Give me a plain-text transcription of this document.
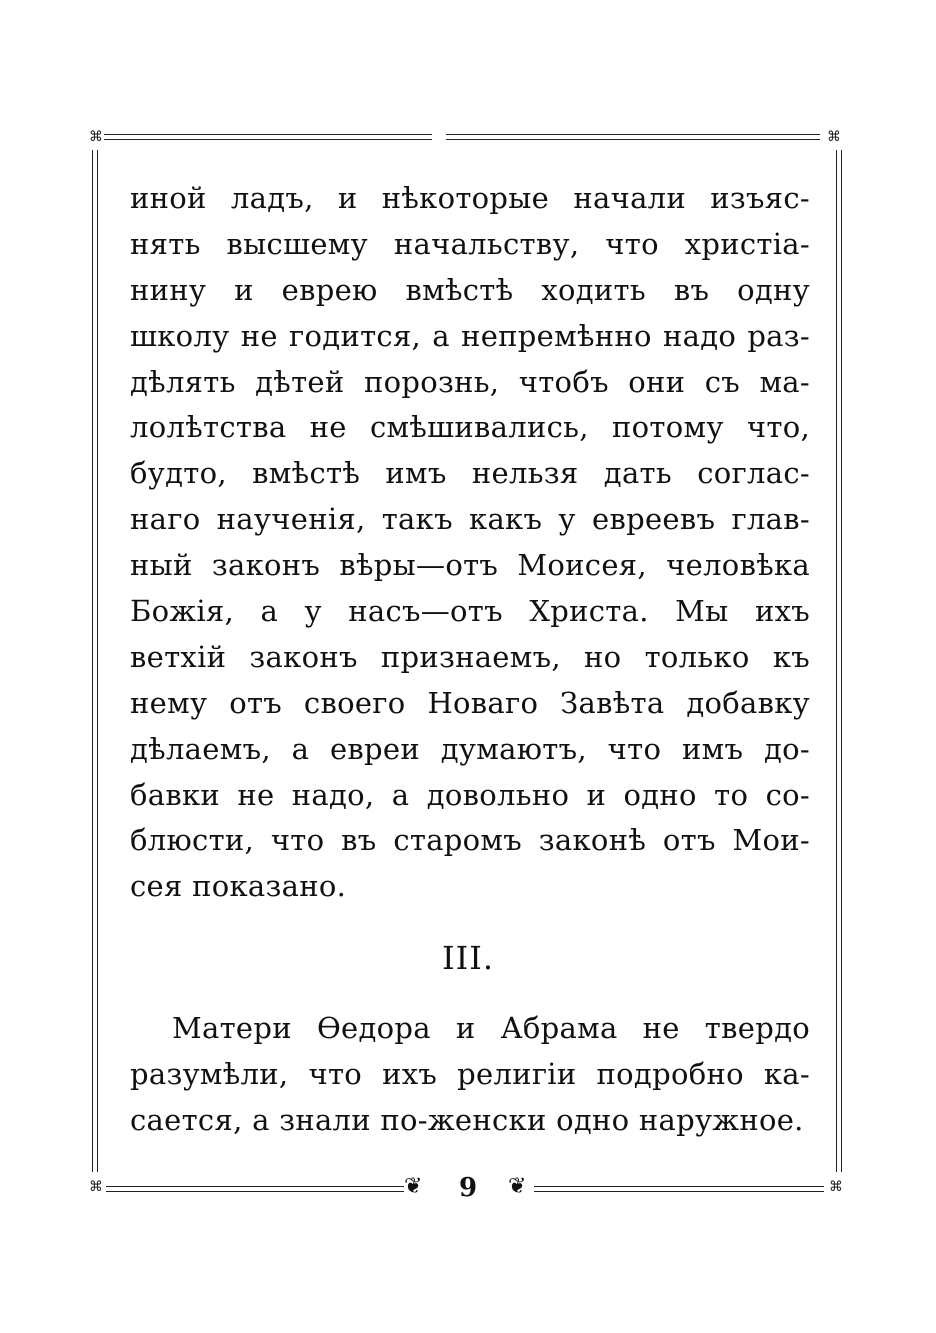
⌘	⌘
иной ладъ, и нѣкоторые начали изъяс-
нять высшему начальству, что христіа-
нину и еврею вмѣстѣ ходить въ одну
школу не годится, а непремѣнно надо раз-
дѣлять дѣтей порознь, чтобъ они съ ма-
лолѣтства не смѣшивались, потому что,
будто, вмѣстѣ имъ нельзя дать соглас-
наго наученія, такъ какъ у евреевъ глав-
ный законъ вѣры—отъ Моисея, человѣка
Божія, а у насъ—отъ Христа. Мы ихъ
ветхій законъ признаемъ, но только къ
нему отъ своего Новаго Завѣта добавку
дѣлаемъ, а евреи думаютъ, что имъ до-
бавки не надо, а довольно и одно то со-
блюсти, что въ старомъ законѣ отъ Мои-
сея показано.
III.
Матери Ѳедора и Абрама не твердо
разумѣли, что ихъ религіи подробно ка-
сается, а знали по-женски одно наружное.
⌘	❦	9	❦	⌘
